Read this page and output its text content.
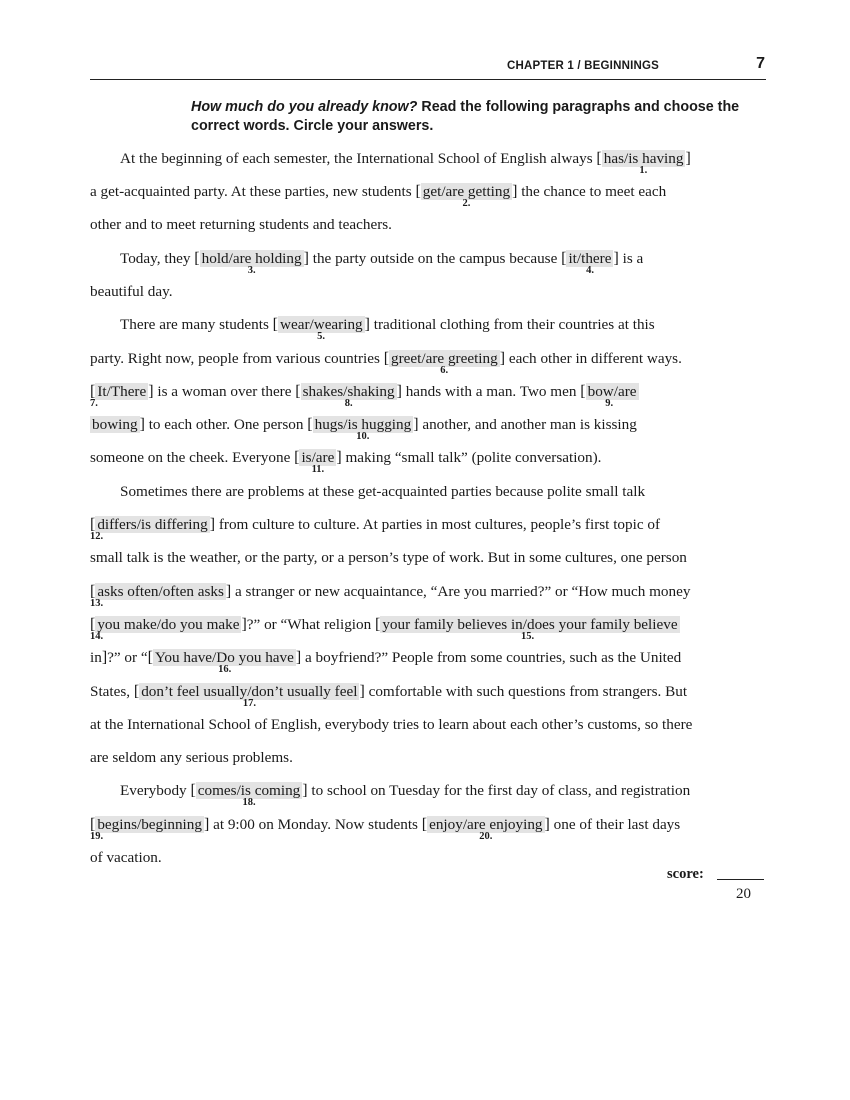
CHAPTER 1 / BEGINNINGS	7
How much do you already know? Read the following paragraphs and choose the
correct words. Circle your answers.
At the beginning of each semester, the International School of English always [ has/is having ]
1.
a get-acquainted party. At these parties, new students [ get/are getting ]
2.
the chance to meet each
other and to meet returning students and teachers.
Today, they [ hold/are holding ]
3.
the party outside on the campus because [ it/there ]
4.
is a
beautiful day.
There are many students [ wear/wearing ]
5.
traditional clothing from their countries at this
party. Right now, people from various countries [ greet/are greeting ]
6.
each other in different ways.
[ It/There ]
7.
is a woman over there [ shakes/shaking ]
8.
hands with a man. Two men [ bow/are
9.
bowing ] to each other. One person [ hugs/is hugging ]
10.
another, and another man is kissing
someone on the cheek. Everyone [ is/are ]
11.
making “small talk” (polite conversation).
Sometimes there are problems at these get-acquainted parties because polite small talk
[ differs/is differing ]
12.
from culture to culture. At parties in most cultures, people’s first topic of
small talk is the weather, or the party, or a person’s type of work. But in some cultures, one person
[ asks often/often asks ]
13.
a stranger or new acquaintance, “Are you married?” or “How much money
[ you make/do you make ]
14.
?” or “What religion [ your family believes in/does your family believe
15.
in]?” or “[ You have/Do you have ]
16.
a boyfriend?” People from some countries, such as the United
States, [ don’t feel usually/don’t usually feel ]
17.
comfortable with such questions from strangers. But
at the International School of English, everybody tries to learn about each other’s customs, so there
are seldom any serious problems.
Everybody [ comes/is coming ]
18.
to school on Tuesday for the first day of class, and registration
[ begins/beginning ]
19.
at 9:00 on Monday. Now students [ enjoy/are enjoying ]
20.
one of their last days
of vacation.
score:
20
